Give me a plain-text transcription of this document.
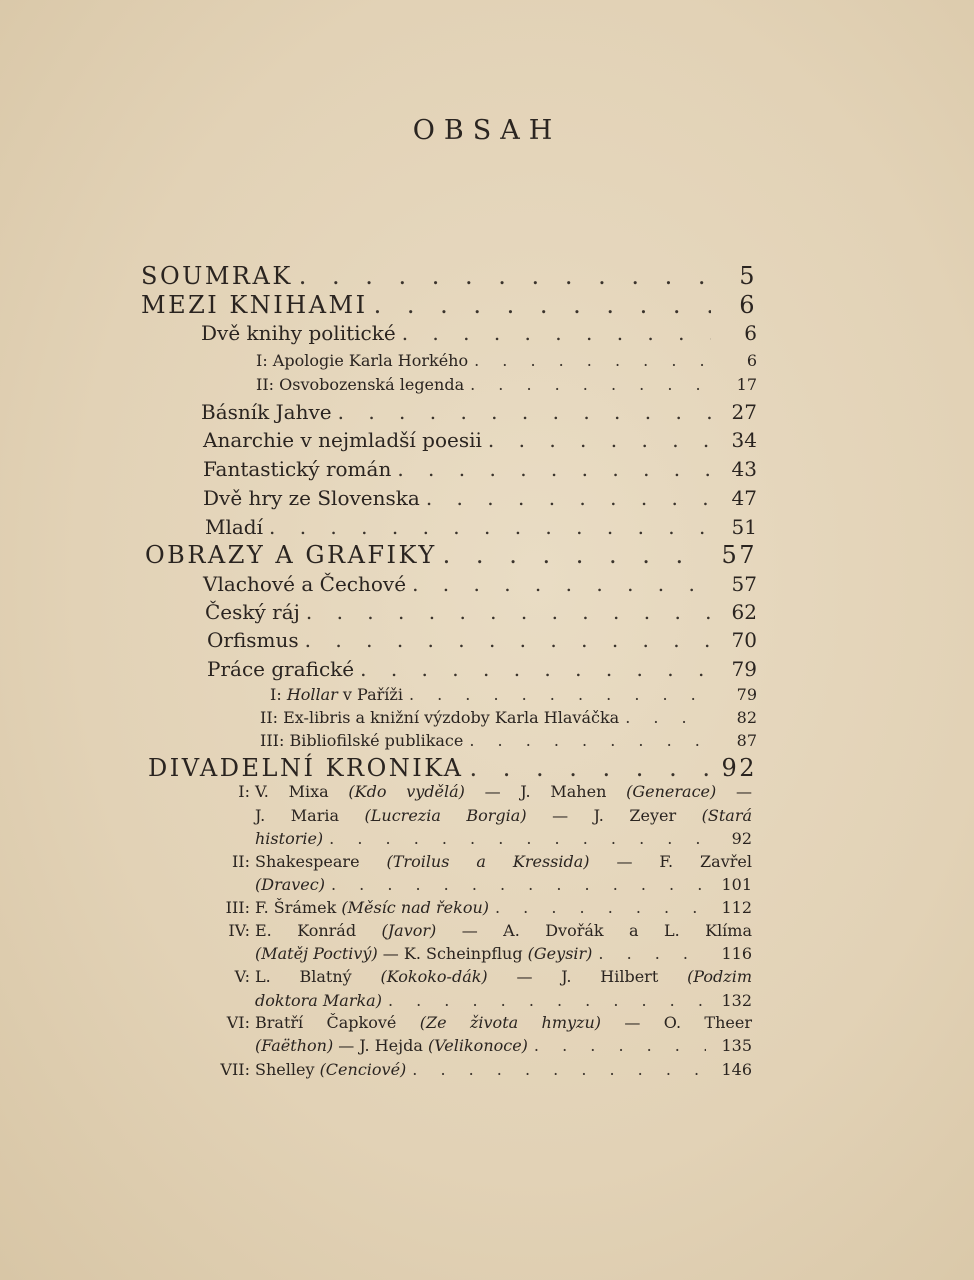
OBSAH
SOUMRAK . . .	5
MEZI KNIHAMI . . .	6
Dvě knihy politické . . .	6
I: Apologie Karla Horkého . . .	6
II: Osvobozenská legenda . . .	17
Básník Jahve . . .	27
Anarchie v nejmladší poesii . . .	34
Fantastický román . . .	43
Dvě hry ze Slovenska . . .	47
Mladí . . .	51
OBRAZY A GRAFIKY . . .	57
Vlachové a Čechové . . .	57
Český ráj . . .	62
Orfismus . . .	70
Práce grafické . . .	79
I: Hollar v Paříži . . .	79
II: Ex-libris a knižní výzdoby Karla Hlaváčka . . .	82
III: Bibliofilské publikace . . .	87
DIVADELNÍ KRONIKA . . .	92
I: V. Mixa (Kdo vydělá) — J. Mahen (Generace) —
J. Maria (Lucrezia Borgia) — J. Zeyer (Stará
historie) . . .	92
II: Shakespeare (Troilus a Kressida) — F. Zavřel
(Dravec) . . .	101
III: F. Šrámek (Měsíc nad řekou) . . .	112
IV: E. Konrád (Javor) — A. Dvořák a L. Klíma
(Matěj Poctivý) — K. Scheinpflug (Geysir) . . .	116
V: L. Blatný (Kokoko-dák) — J. Hilbert (Podzim
doktora Marka) . . .	132
VI: Bratří Čapkové (Ze života hmyzu) — O. Theer
(Faëthon) — J. Hejda (Velikonoce) . . .	135
VII: Shelley (Cenciové) . . .	146
